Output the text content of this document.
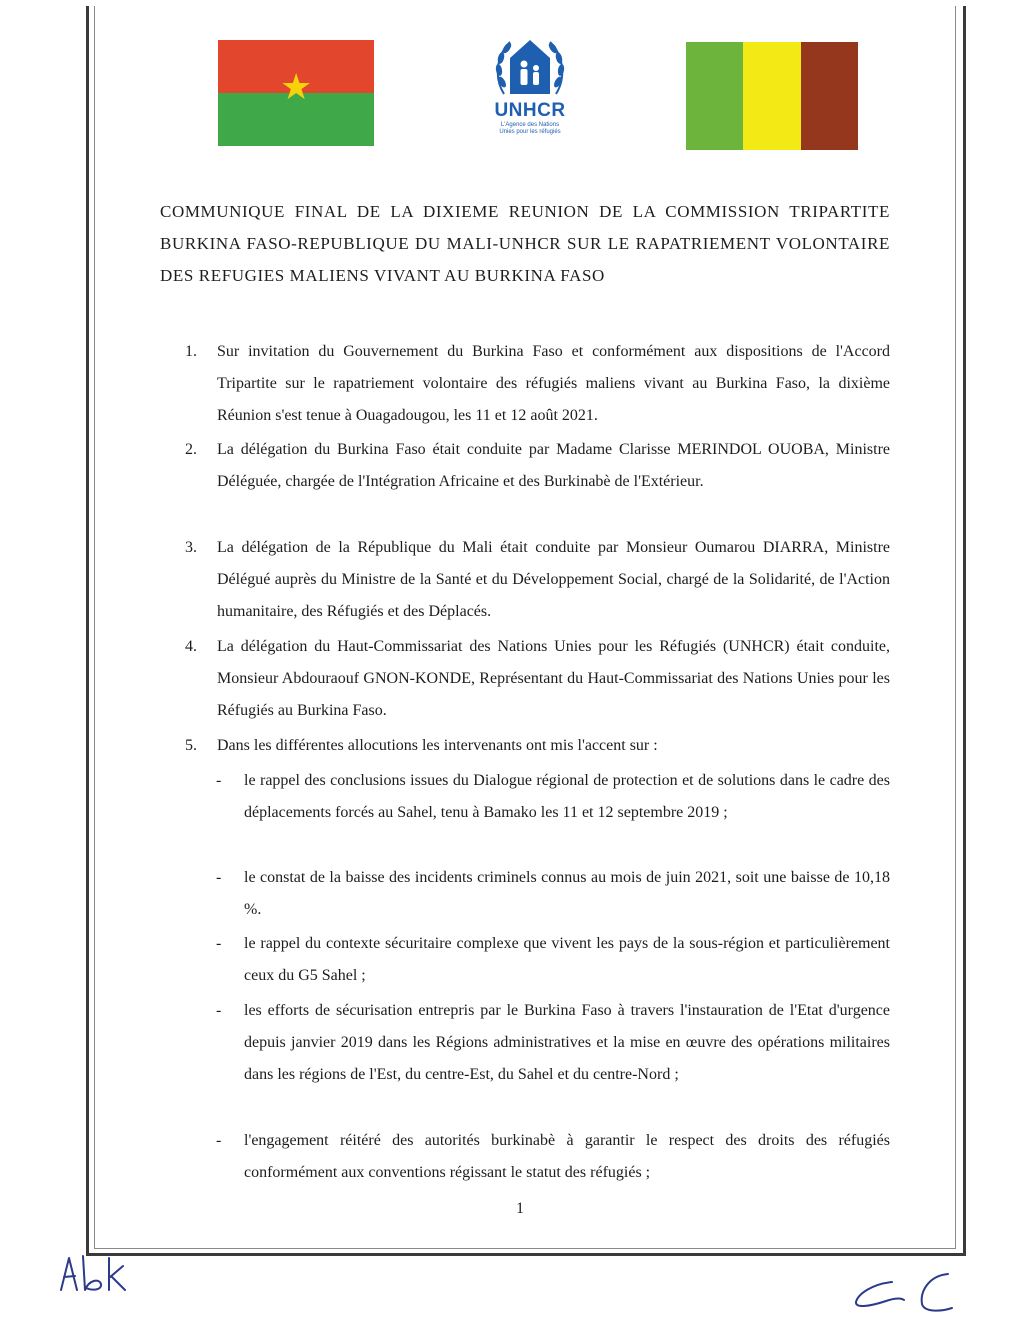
★
UNHCR
L'Agence des Nations
Unies pour les réfugiés
COMMUNIQUE FINAL DE LA DIXIEME REUNION DE LA COMMISSION TRIPARTITE BURKINA FASO-REPUBLIQUE DU MALI-UNHCR SUR LE RAPATRIEMENT VOLONTAIRE DES REFUGIES MALIENS VIVANT AU BURKINA FASO
1. Sur invitation du Gouvernement du Burkina Faso et conformément aux dispositions de l'Accord Tripartite sur le rapatriement volontaire des réfugiés maliens vivant au Burkina Faso, la dixième Réunion s'est tenue à Ouagadougou, les 11 et 12 août 2021.
2. La délégation du Burkina Faso était conduite par Madame Clarisse MERINDOL OUOBA, Ministre Déléguée, chargée de l'Intégration Africaine et des Burkinabè de l'Extérieur.
3. La délégation de la République du Mali était conduite par Monsieur Oumarou DIARRA, Ministre Délégué auprès du Ministre de la Santé et du Développement Social, chargé de la Solidarité, de l'Action humanitaire, des Réfugiés et des Déplacés.
4. La délégation du Haut-Commissariat des Nations Unies pour les Réfugiés (UNHCR) était conduite, Monsieur Abdouraouf GNON-KONDE, Représentant du Haut-Commissariat des Nations Unies pour les Réfugiés au Burkina Faso.
5. Dans les différentes allocutions les intervenants ont mis l'accent sur :
- le rappel des conclusions issues du Dialogue régional de protection et de solutions dans le cadre des déplacements forcés au Sahel, tenu à Bamako les 11 et 12 septembre 2019 ;
- le constat de la baisse des incidents criminels connus au mois de juin 2021, soit une baisse de 10,18 %.
- le rappel du contexte sécuritaire complexe que vivent les pays de la sous-région et particulièrement ceux du G5 Sahel ;
- les efforts de sécurisation entrepris par le Burkina Faso à travers l'instauration de l'Etat d'urgence depuis janvier 2019 dans les Régions administratives et la mise en œuvre des opérations militaires dans les régions de l'Est, du centre-Est, du Sahel et du centre-Nord ;
- l'engagement réitéré des autorités burkinabè à garantir le respect des droits des réfugiés conformément aux conventions régissant le statut des réfugiés ;
1
